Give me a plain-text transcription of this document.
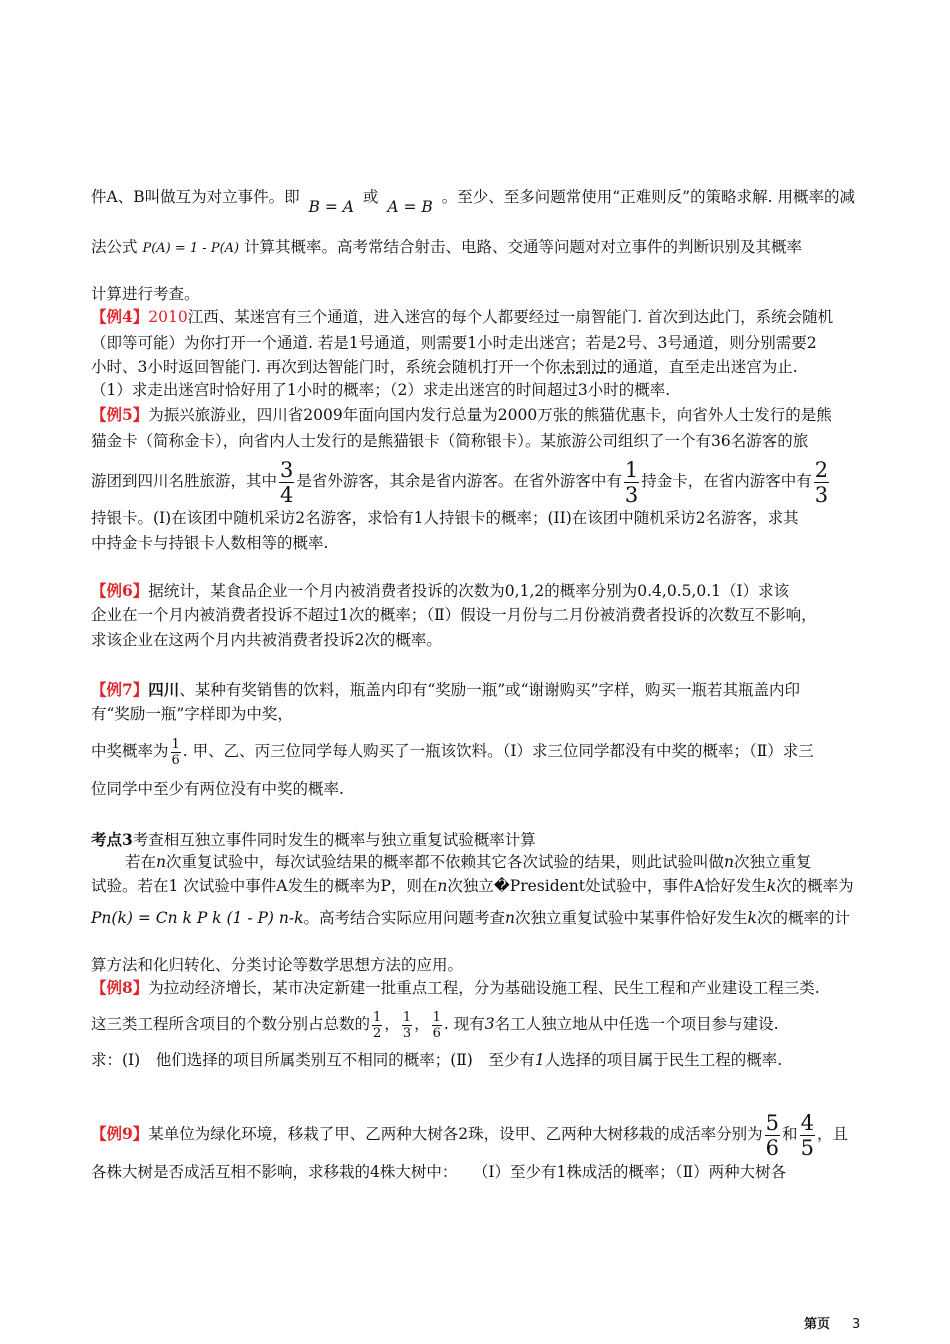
件A、B叫做互为对立事件。即 B = A 或 A = B 。至少、至多问题常使用“正难则反”的策略求解. 用概率的减
法公式 P(A) = 1 - P(A) 计算其概率。高考常结合射击、电路、交通等问题对对立事件的判断识别及其概率
计算进行考查。
【例4】2010江西、某迷宫有三个通道，进入迷宫的每个人都要经过一扇智能门. 首次到达此门，系统会随机
（即等可能）为你打开一个通道. 若是1号通道，则需要1小时走出迷宫；若是2号、3号通道，则分别需要2
小时、3小时返回智能门. 再次到达智能门时，系统会随机打开一个你未到过的通道，直至走出迷宫为止.
（1）求走出迷宫时恰好用了1小时的概率；（2）求走出迷宫的时间超过3小时的概率.
【例5】为振兴旅游业，四川省2009年面向国内发行总量为2000万张的熊猫优惠卡，向省外人士发行的是熊
猫金卡（简称金卡），向省内人士发行的是熊猫银卡（简称银卡）。某旅游公司组织了一个有36名游客的旅
游团到四川名胜旅游，其中 $\frac{3}{4}$ 是省外游客，其余是省内游客。在省外游客中有 $\frac{1}{3}$ 持金卡，在省内游客中有 $\frac{2}{3}$
持银卡。(I)在该团中随机采访2名游客，求恰有1人持银卡的概率；(II)在该团中随机采访2名游客，求其
中持金卡与持银卡人数相等的概率.
【例6】据统计，某食品企业一个月内被消费者投诉的次数为0,1,2的概率分别为0.4,0.5,0.1（Ⅰ）求该
企业在一个月内被消费者投诉不超过1次的概率；（Ⅱ）假设一月份与二月份被消费者投诉的次数互不影响，
求该企业在这两个月内共被消费者投诉2次的概率。
【例7】四川、某种有奖销售的饮料，瓶盖内印有“奖励一瓶”或“谢谢购买”字样，购买一瓶若其瓶盖内印
有“奖励一瓶”字样即为中奖，
中奖概率为 $\frac{1}{6}$ . 甲、乙、丙三位同学每人购买了一瓶该饮料。（Ⅰ）求三位同学都没有中奖的概率；（Ⅱ）求三
位同学中至少有两位没有中奖的概率.
考点3考查相互独立事件同时发生的概率与独立重复试验概率计算
若在n次重复试验中，每次试验结果的概率都不依赖其它各次试验的结果，则此试验叫做n次独立重复
试验。若在1 次试验中事件A发生的概率为P，则在n次独立�President处试验中，事件A恰好发生k次的概率为
Pn(k) = Cn k P k (1 - P) n-k。高考结合实际应用问题考查n次独立重复试验中某事件恰好发生k次的概率的计
算方法和化归转化、分类讨论等数学思想方法的应用。
【例8】为拉动经济增长，某市决定新建一批重点工程，分为基础设施工程、民生工程和产业建设工程三类.
这三类工程所含项目的个数分别占总数的 $\frac{1}{2}$ ， $\frac{1}{3}$ ， $\frac{1}{6}$ . 现有3名工人独立地从中任选一个项目参与建设.
求：(Ⅰ)　他们选择的项目所属类别互不相同的概率；(Ⅱ)　至少有1人选择的项目属于民生工程的概率.
【例9】某单位为绿化环境，移栽了甲、乙两种大树各2珠，设甲、乙两种大树移栽的成活率分别为 $\frac{5}{6}$ 和 $\frac{4}{5}$ ，且
各株大树是否成活互相不影响，求移栽的4株大树中：　　（Ⅰ）至少有1株成活的概率；（Ⅱ）两种大树各
第页 3
